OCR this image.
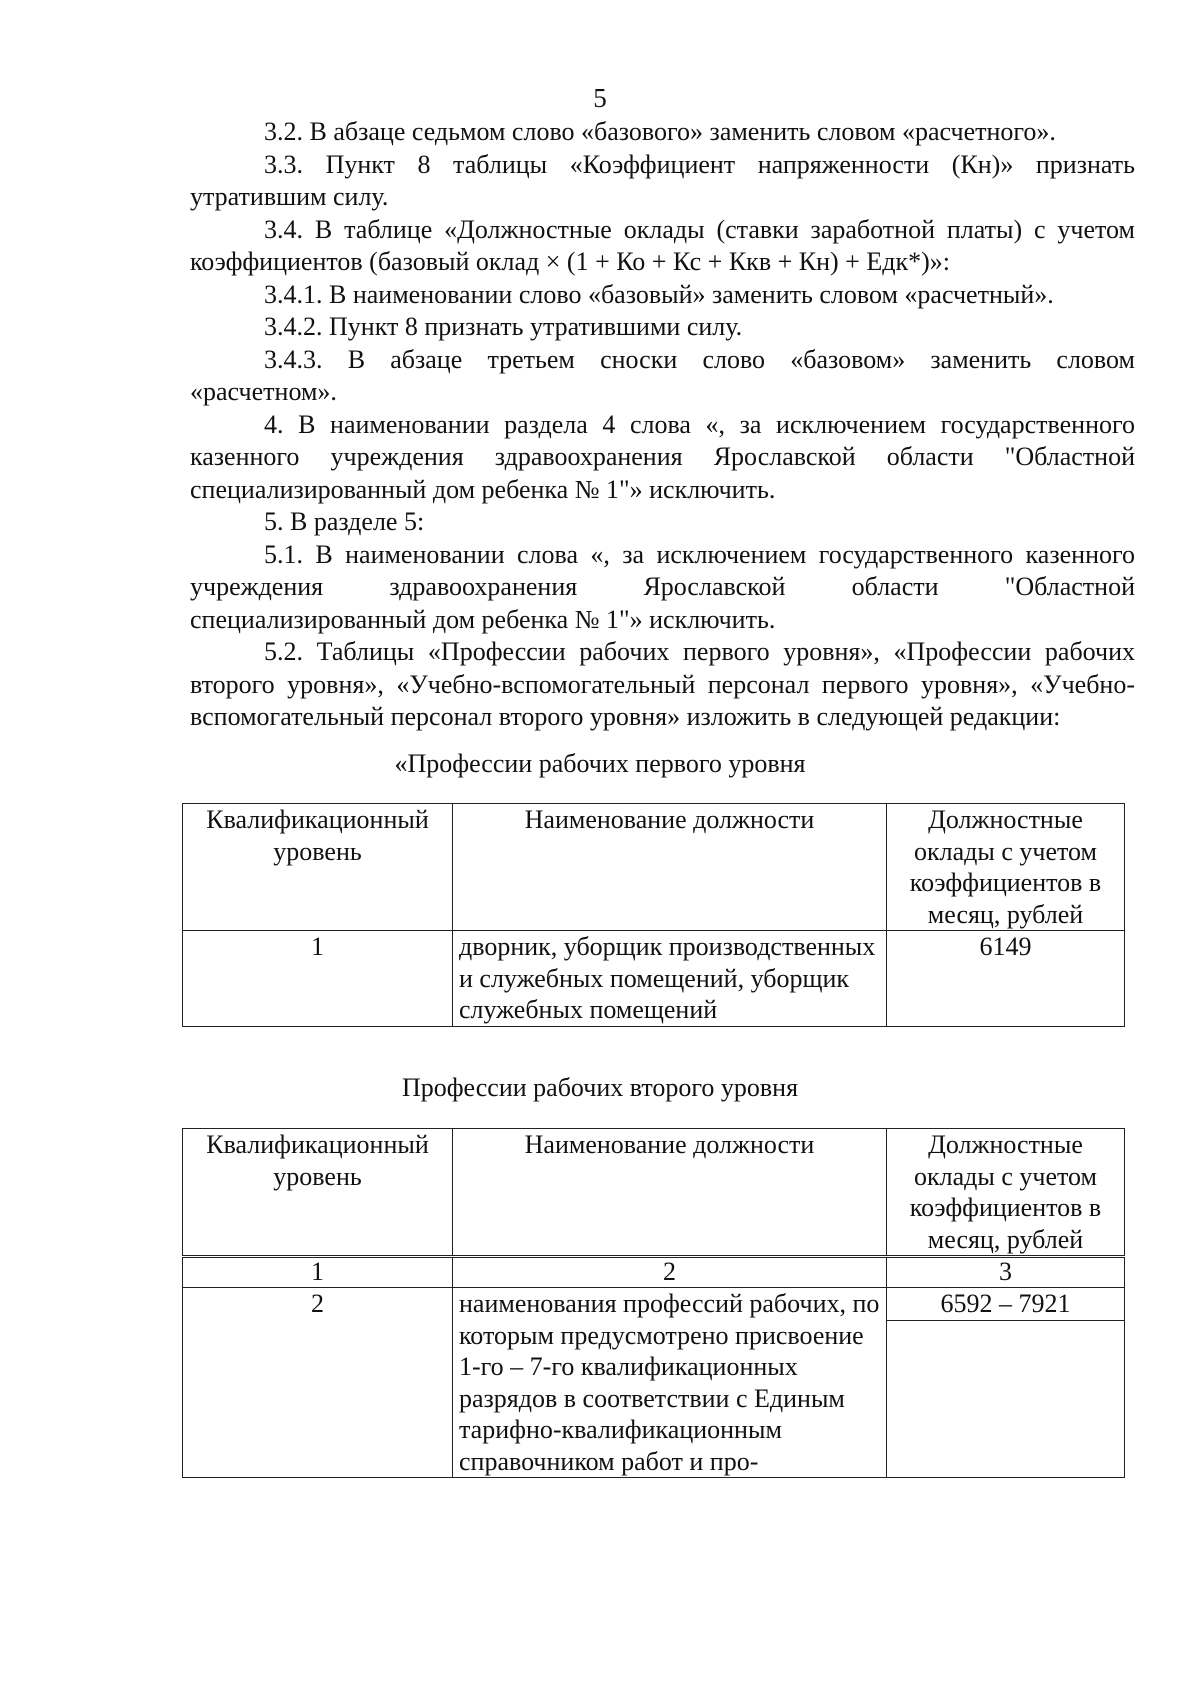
5

3.2. В абзаце седьмом слово «базового» заменить словом «расчетного».

3.3. Пункт 8 таблицы «Коэффициент напряженности (Кн)» признать утратившим силу.

3.4. В таблице «Должностные оклады (ставки заработной платы) с учетом коэффициентов (базовый оклад × (1 + Ко + Кс + Ккв + Кн) + Едк*)»:

3.4.1. В наименовании слово «базовый» заменить словом «расчетный».

3.4.2. Пункт 8 признать утратившими силу.

3.4.3. В абзаце третьем сноски слово «базовом» заменить словом «расчетном».

4. В наименовании раздела 4 слова «, за исключением государственного казенного учреждения здравоохранения Ярославской области "Областной специализированный дом ребенка № 1"» исключить.

5. В разделе 5:

5.1. В наименовании слова «, за исключением государственного казенного учреждения здравоохранения Ярославской области "Областной специализированный дом ребенка № 1"» исключить.

5.2. Таблицы «Профессии рабочих первого уровня», «Профессии рабочих второго уровня», «Учебно-вспомогательный персонал первого уровня», «Учебно-вспомогательный персонал второго уровня» изложить в следующей редакции:

«Профессии рабочих первого уровня
Квалификационный уровень	Наименование должности	Должностные оклады с учетом коэффициентов в месяц, рублей
1	дворник, уборщик производственных и служебных помещений, уборщик служебных помещений	6149
Профессии рабочих второго уровня
Квалификационный уровень	Наименование должности	Должностные оклады с учетом коэффициентов в месяц, рублей
1	2	3
2	наименования профессий рабочих, по которым предусмотрено присвоение 1-го – 7-го квалификационных разрядов в соответствии с Единым тарифно-квалификационным справочником работ и про-	6592 – 7921
